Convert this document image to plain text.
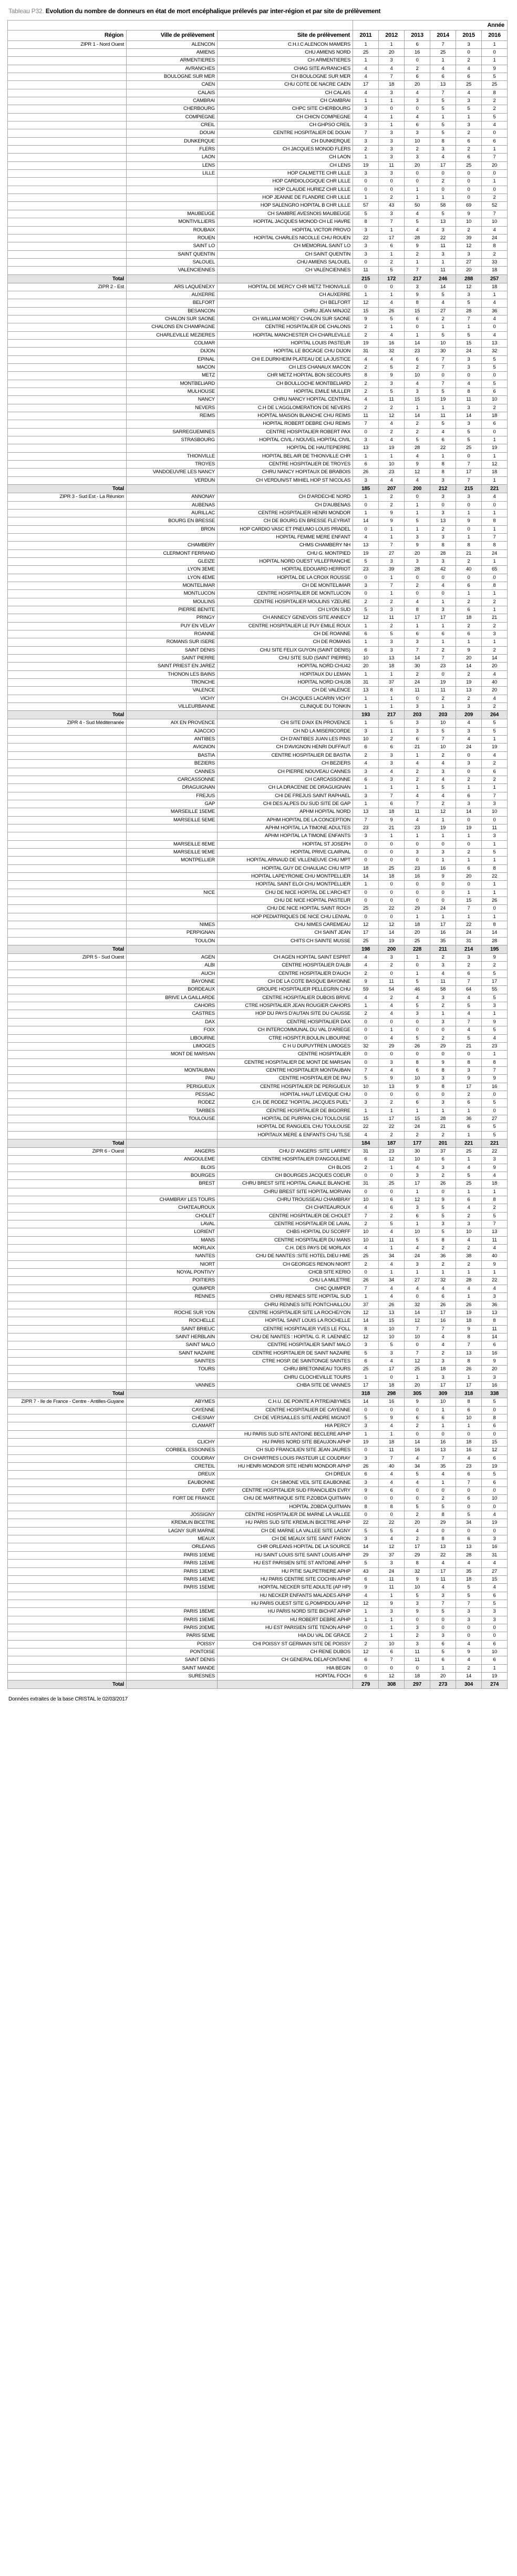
Tableau P32. Evolution du nombre de donneurs en état de mort encéphalique prélevés par inter-région et par site de prélèvement
			Année					
Région	Ville de prélèvement	Site de prélèvement	2011	2012	2013	2014	2015	2016
ZIPR 1 - Nord Ouest	ALENCON	C.H.I.C ALENCON MAMERS	1	1	6	7	3	1
	AMIENS	CHU AMIENS NORD	25	20	16	25	0	0
	ARMENTIERES	CH ARMENTIERES	1	3	0	1	2	1
	AVRANCHES	CHAG SITE AVRANCHES	4	4	2	4	4	9
	BOULOGNE SUR MER	CH BOULOGNE SUR MER	4	7	6	6	6	5
	CAEN	CHU COTE DE NACRE CAEN	17	18	20	13	25	25
	CALAIS	CH CALAIS	4	3	4	7	4	8
	CAMBRAI	CH CAMBRAI	1	1	3	5	3	2
	CHERBOURG	CHPC SITE CHERBOURG	3	0	0	5	5	2
	COMPIEGNE	CH CHICN COMPIEGNE	4	1	4	1	1	5
	CREIL	CH GHPSO CREIL	3	1	6	5	3	4
	DOUAI	CENTRE HOSPITALIER DE DOUAI	7	3	3	5	2	0
	DUNKERQUE	CH DUNKERQUE	3	3	10	8	6	6
	FLERS	CH JACQUES MONOD FLERS	2	3	2	3	2	1
	LAON	CH LAON	1	3	3	4	6	7
	LENS	CH LENS	19	11	20	17	25	20
	LILLE	HOP CALMETTE CHR LILLE	3	3	0	0	0	0
		HOP CARDIOLOGIQUE CHR LILLE	0	0	0	2	0	1
		HOP CLAUDE HURIEZ CHR LILLE	0	0	1	0	0	0
		HOP JEANNE DE FLANDRE CHR LILLE	1	2	1	1	0	2
		HOP SALENGRO HOPITAL B CHR LILLE	57	43	50	58	69	52
	MAUBEUGE	CH SAMBRE AVESNOIS MAUBEUGE	5	3	4	5	9	7
	MONTIVILLIERS	HOPITAL JACQUES MONOD CH LE HAVRE	8	7	5	13	10	10
	ROUBAIX	HOPITAL VICTOR PROVO	3	1	4	3	2	4
	ROUEN	HOPITAL CHARLES NICOLLE CHU ROUEN	22	17	28	22	39	24
	SAINT LO	CH MEMORIAL SAINT LO	3	6	9	11	12	8
	SAINT QUENTIN	CH SAINT QUENTIN	3	1	2	3	3	2
	SALOUEL	CHU AMIENS SALOUEL	0	2	1	1	27	33
	VALENCIENNES	CH VALENCIENNES	11	5	7	11	20	18
Total			215	172	217	246	288	257
ZIPR 2 - Est	ARS LAQUENEXY	HOPITAL DE MERCY CHR METZ THIONVILLE	0	0	3	14	12	18
	AUXERRE	CH AUXERRE	1	1	9	5	3	1
	BELFORT	CH BELFORT	12	4	8	4	5	4
	BESANCON	CHRU JEAN MINJOZ	15	26	15	27	28	36
	CHALON SUR SAONE	CH WILLIAM MOREY CHALON SUR SAONE	9	5	6	2	7	4
	CHALONS EN CHAMPAGNE	CENTRE HOSPITALIER DE CHALONS	2	1	0	1	1	0
	CHARLEVILLE MEZIERES	HOPITAL MANCHESTER CH CHARLEVILLE	2	4	1	5	5	4
	COLMAR	HOPITAL LOUIS PASTEUR	19	16	14	10	15	13
	DIJON	HOPITAL LE BOCAGE CHU DIJON	31	32	23	30	24	32
	EPINAL	CHI E.DURKHEIM PLATEAU DE LA JUSTICE	4	4	6	7	3	5
	MACON	CH LES CHANAUX MACON	2	5	2	7	3	5
	METZ	CHR METZ HOPITAL BON SECOURS	8	9	10	0	0	0
	MONTBELIARD	CH BOULLOCHE MONTBELIARD	2	3	4	7	4	5
	MULHOUSE	HOPITAL EMILE MULLER	2	5	3	5	8	6
	NANCY	CHRU NANCY HOPITAL CENTRAL	4	11	15	19	11	10
	NEVERS	C.H DE L'AGGLOMERATION DE NEVERS	2	2	1	1	3	2
	REIMS	HOPITAL MAISON BLANCHE CHU REIMS	11	12	14	11	14	18
		HOPITAL ROBERT DEBRE CHU REIMS	7	4	2	5	3	6
	SARREGUEMINES	CENTRE HOSPITALIER ROBERT PAX	0	2	2	4	5	0
	STRASBOURG	HOPITAL CIVIL / NOUVEL HOPITAL CIVIL	3	4	5	6	5	1
		HOPITAL DE HAUTEPIERRE	13	19	28	22	25	19
	THIONVILLE	HOPITAL BEL AIR DE THIONVILLE CHR	1	1	4	1	0	1
	TROYES	CENTRE HOSPITALIER DE TROYES	6	10	9	8	7	12
	VANDOEUVRE LES NANCY	CHRU NANCY HOPITAUX DE BRABOIS	26	23	12	8	17	18
	VERDUN	CH VERDUN/ST MIHIEL HOP ST NICOLAS	3	4	4	3	7	1
Total			185	207	200	212	215	221
ZIPR 3 - Sud Est - La Réunion	ANNONAY	CH D'ARDECHE NORD	1	2	0	3	3	4
	AUBENAS	CH D'AUBENAS	0	2	1	0	0	0
	AURILLAC	CENTRE HOSPITALIER HENRI MONDOR	1	9	1	3	1	1
	BOURG EN BRESSE	CH DE BOURG EN BRESSE FLEYRIAT	14	9	5	13	9	8
	BRON	HOP CARDIO VASC ET PNEUMO LOUIS PRADEL	0	1	1	2	0	1
		HOPITAL FEMME MERE ENFANT	4	1	3	3	1	7
	CHAMBERY	CHMS CHAMBERY NH	13	7	9	8	8	8
	CLERMONT FERRAND	CHU G. MONTPIED	19	27	20	28	21	24
	GLEIZE	HOPITAL NORD OUEST VILLEFRANCHE	5	3	3	3	2	1
	LYON 3EME	HOPITAL EDOUARD HERRIOT	23	39	28	42	40	65
	LYON 4EME	HOPITAL DE LA CROIX ROUSSE	0	1	0	0	0	0
	MONTELIMAR	CH DE MONTELIMAR	3	7	2	4	6	8
	MONTLUCON	CENTRE HOSPITALIER DE MONTLUCON	0	1	0	0	1	1
	MOULINS	CENTRE HOSPITALIER MOULINS YZEURE	2	2	4	1	2	2
	PIERRE BENITE	CH LYON SUD	5	3	8	3	6	1
	PRINGY	CH ANNECY GENEVOIS SITE ANNECY	12	11	17	17	18	21
	PUY EN VELAY	CENTRE HOSPITALIER LE PUY EMILE ROUX	1	2	1	1	2	2
	ROANNE	CH DE ROANNE	6	5	6	6	6	3
	ROMANS SUR ISERE	CH DE ROMANS	1	3	3	1	1	1
	SAINT DENIS	CHU SITE FELIX GUYON (SAINT DENIS)	6	3	7	2	9	2
	SAINT PIERRE	CHU SITE SUD (SAINT PIERRE)	10	13	14	7	20	14
	SAINT PRIEST EN JAREZ	HOPITAL NORD CHU42	20	18	30	23	14	20
	THONON LES BAINS	HOPITAUX DU LEMAN	1	1	2	0	2	4
	TRONCHE	HOPITAL NORD CHU38	31	37	24	19	19	40
	VALENCE	CH DE VALENCE	13	8	11	11	13	20
	VICHY	CH JACQUES LACARIN VICHY	1	1	0	2	2	4
	VILLEURBANNE	CLINIQUE DU TONKIN	1	1	3	1	3	2
Total			193	217	203	203	209	264
ZIPR 4 - Sud Méditerranée	AIX EN PROVENCE	CHI SITE D'AIX EN PROVENCE	1	5	3	10	4	5
	AJACCIO	CH ND LA MISERICORDE	3	1	3	5	3	5
	ANTIBES	CH D'ANTIBES JUAN LES PINS	10	2	6	7	4	1
	AVIGNON	CH D'AVIGNON HENRI DUFFAUT	6	6	21	10	24	19
	BASTIA	CENTRE HOSPITALIER DE BASTIA	2	3	1	2	0	4
	BEZIERS	CH BEZIERS	4	3	4	4	3	2
	CANNES	CH PIERRE NOUVEAU CANNES	3	4	2	3	0	6
	CARCASSONNE	CH CARCASSONNE	6	3	2	4	2	2
	DRAGUIGNAN	CH LA DRACENIE DE DRAGUIGNAN	1	1	1	5	1	1
	FREJUS	CHI DE FREJUS SAINT RAPHAEL	3	7	4	4	6	7
	GAP	CHI DES ALPES DU SUD SITE DE GAP	1	6	7	2	3	3
	MARSEILLE 15EME	APHM HOPITAL NORD	13	18	11	12	14	10
	MARSEILLE 5EME	APHM HOPITAL DE LA CONCEPTION	7	9	4	1	0	0
		APHM HOPITAL LA TIMONE ADULTES	23	21	23	19	19	11
		APHM HOPITAL LA TIMONE ENFANTS	3	1	1	1	1	3
	MARSEILLE 8EME	HOPITAL ST JOSEPH	0	0	0	0	0	1
	MARSEILLE 9EME	HOPITAL PRIVE CLAIRVAL	0	0	3	3	2	5
	MONTPELLIER	HOPITAL ARNAUD DE VILLENEUVE CHU MPT	0	0	0	1	1	1
		HOPITAL GUY DE CHAULIAC CHU MTP	18	25	23	16	6	8
		HOPITAL LAPEYRONIE CHU MONTPELLIER	14	18	16	9	20	22
		HOPITAL SAINT ELOI CHU MONTPELLIER	1	0	0	0	0	1
	NICE	CHU DE NICE HOPITAL DE L'ARCHET	0	0	0	0	1	1
		CHU DE NICE HOPITAL PASTEUR	0	0	0	0	15	26
		CHU DE NICE HOPITAL SAINT ROCH	25	22	29	24	7	0
		HOP PEDIATRIQUES DE NICE CHU LENVAL	0	0	1	1	1	1
	NIMES	CHU NIMES CAREMEAU	12	12	18	17	22	8
	PERPIGNAN	CH SAINT JEAN	17	14	20	16	24	14
	TOULON	CHITS CH SAINTE MUSSE	25	19	25	35	31	28
Total			198	200	228	211	214	195
ZIPR 5 - Sud Ouest	AGEN	CH AGEN HOPITAL SAINT ESPRIT	4	3	1	2	3	9
	ALBI	CENTRE HOSPITALIER D'ALBI	4	2	0	3	2	2
	AUCH	CENTRE HOSPITALIER D'AUCH	2	0	1	4	6	5
	BAYONNE	CH DE LA COTE BASQUE BAYONNE	9	11	5	11	7	17
	BORDEAUX	GROUPE HOSPITALIER PELLEGRIN CHU	59	54	46	58	64	55
	BRIVE LA GAILLARDE	CENTRE HOSPITALIER DUBOIS BRIVE	4	2	4	3	4	5
	CAHORS	CTRE HOSPITALIER JEAN ROUGIER CAHORS	1	4	5	2	5	3
	CASTRES	HOP DU PAYS D'AUTAN SITE DU CAUSSE	2	4	3	1	4	1
	DAX	CENTRE HOSPITALIER DAX	0	0	0	3	7	9
	FOIX	CH INTERCOMMUNAL DU VAL D'ARIEGE	0	1	0	0	4	5
	LIBOURNE	CTRE HOSPIT.R.BOULIN LIBOURNE	0	4	5	2	5	4
	LIMOGES	C H U DUPUYTREN LIMOGES	32	29	26	29	21	23
	MONT DE MARSAN	CENTRE HOSPITALIER	0	0	0	0	0	1
		CENTRE HOSPITALIER DE MONT DE MARSAN	0	3	8	9	8	8
	MONTAUBAN	CENTRE HOSPITALIER MONTAUBAN	7	4	6	8	3	7
	PAU	CENTRE HOSPITALIER DE PAU	5	9	10	3	9	9
	PERIGUEUX	CENTRE HOSPITALIER DE PERIGUEUX	10	13	9	8	17	16
	PESSAC	HOPITAL HAUT LEVEQUE CHU	0	0	0	0	2	0
	RODEZ	C.H. DE RODEZ "HOPITAL JACQUES PUEL"	3	2	6	3	6	5
	TARBES	CENTRE HOSPITALIER DE BIGORRE	1	1	1	1	1	0
	TOULOUSE	HOPITAL DE PURPAN CHU TOULOUSE	15	17	15	28	36	27
		HOPITAL DE RANGUEIL CHU TOULOUSE	22	22	24	21	6	5
		HOPITAUX MERE & ENFANTS CHU TLSE	4	2	2	2	1	5
Total			184	187	177	201	221	221
ZIPR 6 - Ouest	ANGERS	CHU D' ANGERS :SITE LARREY	31	23	30	37	25	22
	ANGOULEME	CENTRE HOSPITALIER D'ANGOULEME	6	12	10	6	1	3
	BLOIS	CH BLOIS	2	1	4	3	4	9
	BOURGES	CH BOURGES JACQUES COEUR	0	0	3	2	5	4
	BREST	CHRU BREST SITE HOPITAL CAVALE BLANCHE	31	25	17	26	25	18
		CHRU BREST SITE HOPITAL MORVAN	0	0	1	0	1	1
	CHAMBRAY LES TOURS	CHRU TROUSSEAU CHAMBRAY	10	6	12	9	6	8
	CHATEAUROUX	CH CHATEAUROUX	4	6	3	5	4	2
	CHOLET	CENTRE HOSPITALIER DE CHOLET	7	2	6	5	2	5
	LAVAL	CENTRE HOSPITALIER DE LAVAL	2	5	1	3	3	7
	LORIENT	CHBS HOPITAL DU SCORFF	10	4	10	5	10	13
	MANS	CENTRE HOSPITALIER DU MANS	10	11	5	8	4	11
	MORLAIX	C.H. DES PAYS DE MORLAIX	4	1	4	2	2	4
	NANTES	CHU DE NANTES :SITE HOTEL DIEU HME	25	34	24	36	38	40
	NIORT	CH GEORGES RENON NIORT	2	4	3	2	2	9
	NOYAL PONTIVY	CHCB SITE KERIO	0	1	1	1	1	1
	POITIERS	CHU LA MILETRIE	26	34	27	32	28	22
	QUIMPER	CHIC QUIMPER	7	4	4	4	4	4
	RENNES	CHRU RENNES SITE HOPITAL SUD	1	4	0	6	1	3
		CHRU RENNES SITE PONTCHAILLOU	37	26	32	26	26	36
	ROCHE SUR YON	CENTRE HOSPITALIER SITE LA ROCHE/YON	12	13	14	17	19	13
	ROCHELLE	HOPITAL SAINT LOUIS LA ROCHELLE	14	15	12	16	18	8
	SAINT BRIEUC	CENTRE HOSPITALIER YVES LE FOLL	8	10	7	7	9	11
	SAINT HERBLAIN	CHU DE NANTES : HOPITAL G. R. LAENNEC	12	10	10	4	8	14
	SAINT MALO	CENTRE HOSPITALIER SAINT MALO	3	5	0	4	7	6
	SAINT NAZAIRE	CENTRE HOSPITALIER DE SAINT NAZAIRE	5	3	7	2	13	16
	SAINTES	CTRE HOSP. DE SAINTONGE SAINTES	6	4	12	3	8	9
	TOURS	CHRU BRETONNEAU TOURS	25	17	25	18	26	20
		CHRU CLOCHEVILLE TOURS	1	0	1	3	1	3
	VANNES	CHBA SITE DE VANNES	17	18	20	17	17	16
Total			318	298	305	309	318	338
ZIPR 7 - Ile de France - Centre - Antilles-Guyane	ABYMES	C.H.U. DE POINTE A PITRE/ABYMES	14	16	9	10	8	5
	CAYENNE	CENTRE HOSPITALIER DE CAYENNE	0	0	0	1	6	0
	CHESNAY	CH DE VERSAILLES SITE ANDRE MIGNOT	5	9	6	6	10	8
	CLAMART	HIA PERCY	3	4	2	1	1	6
		HU PARIS SUD SITE ANTOINE BECLERE APHP	1	1	0	0	0	0
	CLICHY	HU PARIS NORD SITE BEAUJON APHP	19	18	14	16	18	15
	CORBEIL ESSONNES	CH SUD FRANCILIEN SITE JEAN JAURES	0	11	16	13	16	12
	COUDRAY	CH CHARTRES LOUIS PASTEUR LE COUDRAY	3	7	4	7	4	6
	CRETEIL	HU HENRI MONDOR SITE HENRI MONDOR APHP	26	40	34	35	23	19
	DREUX	CH DREUX	6	4	5	4	6	5
	EAUBONNE	CH SIMONE VEIL SITE EAUBONNE	3	4	4	1	7	6
	EVRY	CENTRE HOSPITALIER SUD FRANCILIEN EVRY	9	6	0	0	0	0
	FORT DE FRANCE	CHU DE MARTINIQUE SITE P.ZOBDA QUITMAN	0	0	0	2	6	10
		HOPITAL ZOBDA QUITMAN	8	8	5	5	0	0
	JOSSIGNY	CENTRE HOSPITALIER DE MARNE LA VALLEE	0	0	2	8	5	4
	KREMLIN BICETRE	HU PARIS SUD SITE KREMLIN BICETRE APHP	22	22	20	29	34	19
	LAGNY SUR MARNE	CH DE MARNE LA VALLEE SITE LAGNY	5	5	4	0	0	0
	MEAUX	CH DE MEAUX SITE SAINT FARON	3	4	2	8	6	3
	ORLEANS	CHR ORLEANS HOPITAL DE LA SOURCE	14	12	17	13	13	16
	PARIS 10EME	HU SAINT LOUIS SITE SAINT LOUIS APHP	29	37	29	22	28	31
	PARIS 12EME	HU EST PARISIEN SITE ST ANTOINE APHP	5	3	8	4	4	4
	PARIS 13EME	HU PITIE SALPETRIERE APHP	43	24	32	17	35	27
	PARIS 14EME	HU PARIS CENTRE SITE COCHIN APHP	6	11	9	11	18	15
	PARIS 15EME	HOPITAL NECKER SITE ADULTE (AP HP)	9	11	10	4	5	4
		HU NECKER ENFANTS MALADES APHP	4	1	5	3	5	6
		HU PARIS OUEST SITE G.POMPIDOU APHP	12	9	3	7	7	5
	PARIS 18EME	HU PARIS NORD SITE BICHAT APHP	1	3	9	5	3	3
	PARIS 19EME	HU ROBERT DEBRE APHP	1	1	0	0	3	3
	PARIS 20EME	HU EST PARISIEN SITE TENON APHP	0	1	3	0	0	0
	PARIS 5EME	HIA DU VAL DE GRACE	2	1	2	3	0	0
	POISSY	CHI POISSY ST GERMAIN SITE DE POISSY	2	10	3	6	4	6
	PONTOISE	CH RENE DUBOS	12	6	11	5	9	10
	SAINT DENIS	CH GENERAL DELAFONTAINE	6	7	11	6	4	6
	SAINT MANDE	HIA BEGIN	0	0	0	1	2	1
	SURESNES	HOPITAL FOCH	6	12	18	20	14	19
Total			279	308	297	273	304	274
Données extraites de la base CRISTAL le 02/03/2017
